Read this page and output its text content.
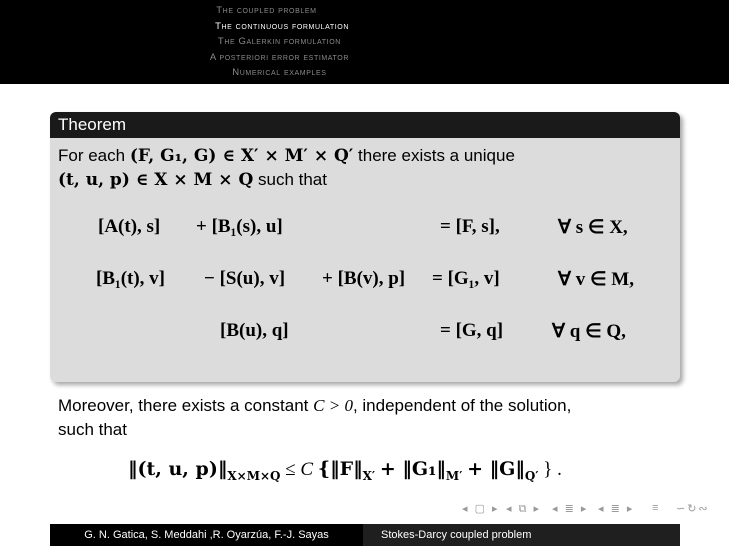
The coupled problem
The continuous formulation
The Galerkin formulation
A posteriori error estimator
Numerical examples
Theorem
For each (F, G₁, G) ∈ X′ × M′ × Q′ there exists a unique
(t, u, p) ∈ X × M × Q such that
[A(t), s] + [B₁(s), u]	= [F, s],	∀ s ∈ X,
[B₁(t), v] − [S(u), v] + [B(v), p] = [G₁, v]	∀ v ∈ M,
[B(u), q]	= [G, q]	∀ q ∈ Q,
Moreover, there exists a constant C > 0, independent of the solution,
such that
‖(t, u, $p)‖_{X\times M\times Q} \le C$ {$‖F‖_{X'}$ + $‖G_1‖_{M'}$ + $‖G‖_{Q'}$ } .
◂ ▢ ▸ ◂ ⧉ ▸ ◂ ≣ ▸ ◂ ≣ ▸ ≡ ∽↻∾
G. N. Gatica, S. Meddahi ,R. Oyarzúa, F.-J. Sayas	Stokes-Darcy coupled problem
